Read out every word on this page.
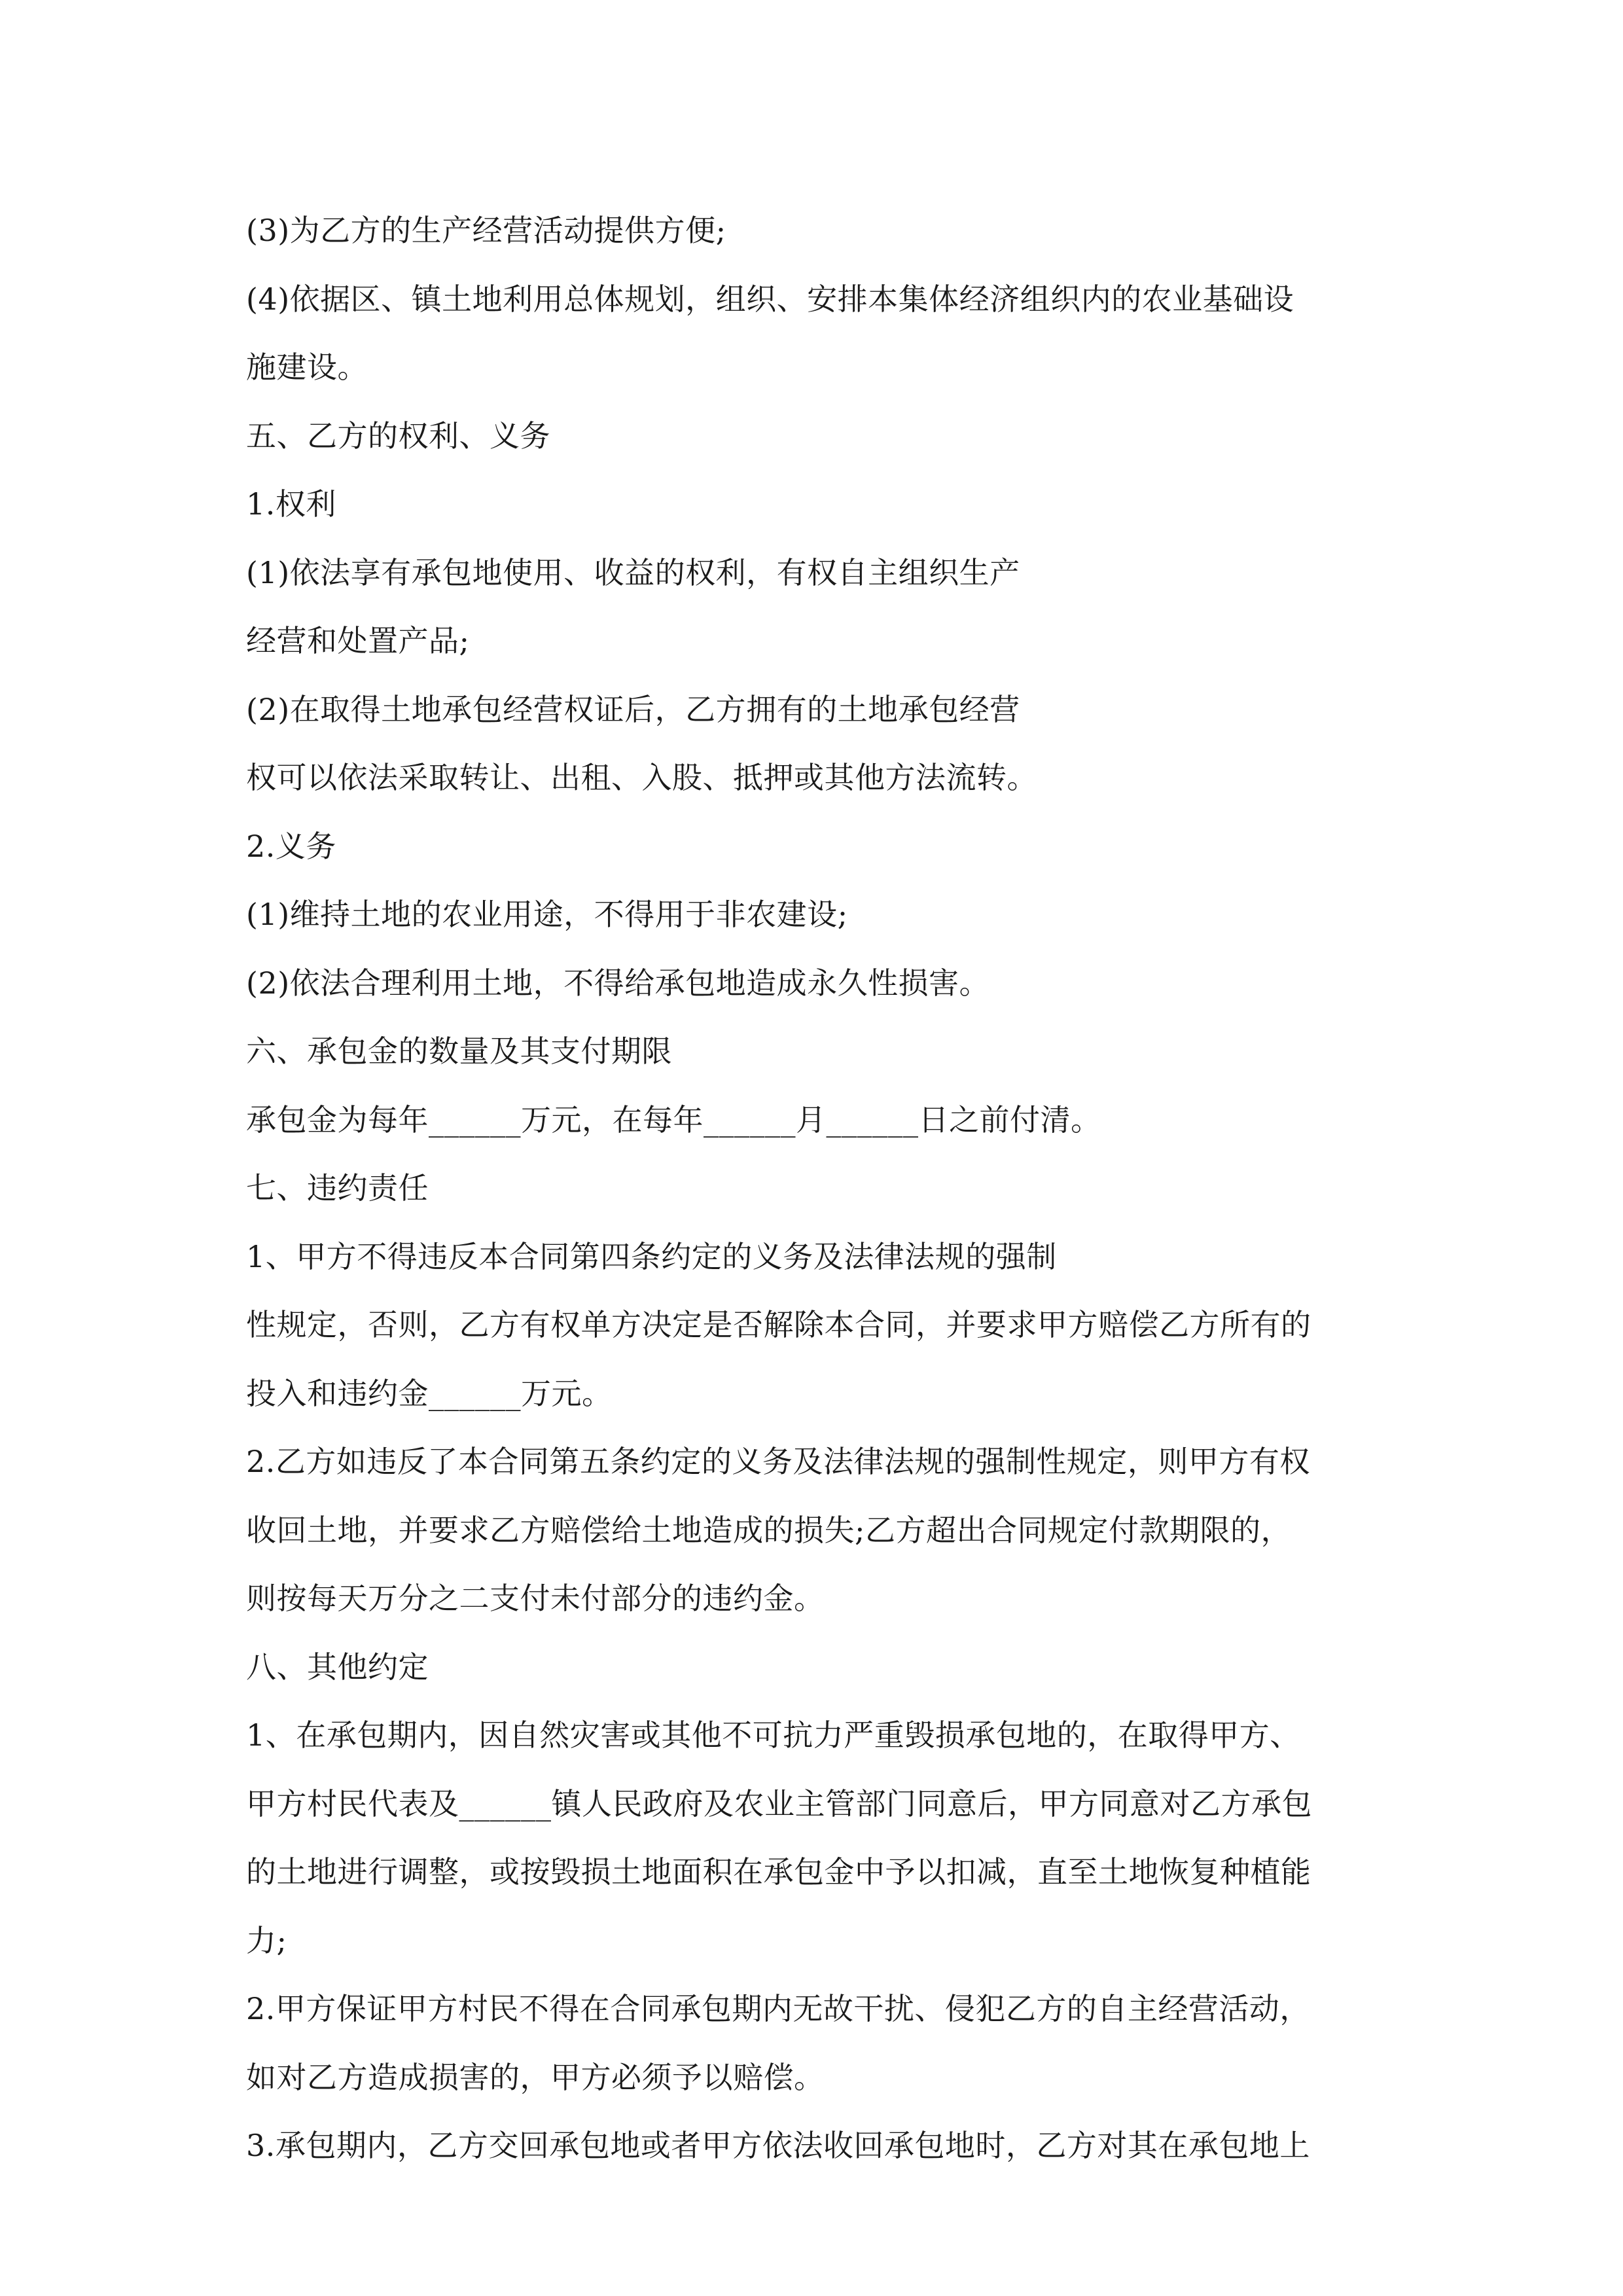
(3)为乙方的生产经营活动提供方便;
(4)依据区、镇土地利用总体规划，组织、安排本集体经济组织内的农业基础设
施建设。
五、乙方的权利、义务
1.权利
(1)依法享有承包地使用、收益的权利，有权自主组织生产
经营和处置产品;
(2)在取得土地承包经营权证后，乙方拥有的土地承包经营
权可以依法采取转让、出租、入股、抵押或其他方法流转。
2.义务
(1)维持土地的农业用途，不得用于非农建设;
(2)依法合理利用土地，不得给承包地造成永久性损害。
六、承包金的数量及其支付期限
承包金为每年______万元，在每年______月______日之前付清。
七、违约责任
1、甲方不得违反本合同第四条约定的义务及法律法规的强制
性规定，否则，乙方有权单方决定是否解除本合同，并要求甲方赔偿乙方所有的
投入和违约金______万元。
2.乙方如违反了本合同第五条约定的义务及法律法规的强制性规定，则甲方有权
收回土地，并要求乙方赔偿给土地造成的损失;乙方超出合同规定付款期限的，
则按每天万分之二支付未付部分的违约金。
八、其他约定
1、在承包期内，因自然灾害或其他不可抗力严重毁损承包地的，在取得甲方、
甲方村民代表及______镇人民政府及农业主管部门同意后，甲方同意对乙方承包
的土地进行调整，或按毁损土地面积在承包金中予以扣减，直至土地恢复种植能
力;
2.甲方保证甲方村民不得在合同承包期内无故干扰、侵犯乙方的自主经营活动，
如对乙方造成损害的，甲方必须予以赔偿。
3.承包期内，乙方交回承包地或者甲方依法收回承包地时，乙方对其在承包地上
